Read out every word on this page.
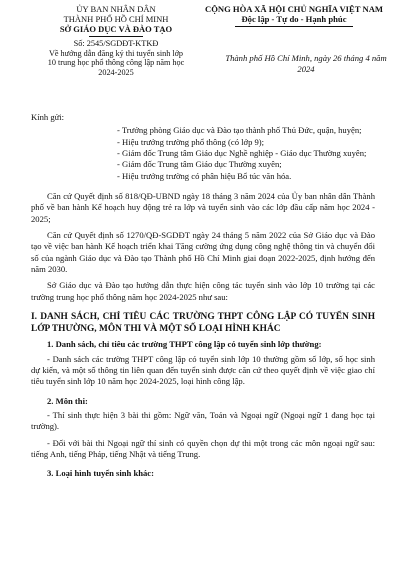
ỦY BAN NHÂN DÂN
THÀNH PHỐ HỒ CHÍ MINH
SỞ GIÁO DỤC VÀ ĐÀO TẠO
Số: 2545/SGDĐT-KTKĐ
Về hướng dẫn đăng ký thi tuyển sinh lớp 10 trung học phổ thông công lập năm học 2024-2025
CỘNG HÒA XÃ HỘI CHỦ NGHĨA VIỆT NAM
Độc lập - Tự do - Hạnh phúc
Thành phố Hồ Chí Minh, ngày 26 tháng 4 năm 2024

Kính gửi:

- Trưởng phòng Giáo dục và Đào tạo thành phố Thủ Đức, quận, huyện;
- Hiệu trưởng trường phổ thông (có lớp 9);
- Giám đốc Trung tâm Giáo dục Nghề nghiệp - Giáo dục Thường xuyên;
- Giám đốc Trung tâm Giáo dục Thường xuyên;
- Hiệu trưởng trường có phân hiệu Bổ túc văn hóa.

Căn cứ Quyết định số 818/QĐ-UBND ngày 18 tháng 3 năm 2024 của Ủy ban nhân dân Thành phố về ban hành Kế hoạch huy động trẻ ra lớp và tuyển sinh vào các lớp đầu cấp năm học 2024 - 2025;

Căn cứ Quyết định số 1270/QĐ-SGDĐT ngày 24 tháng 5 năm 2022 của Sở Giáo dục và Đào tạo về việc ban hành Kế hoạch triển khai Tăng cường ứng dụng công nghệ thông tin và chuyển đổi số của ngành Giáo dục và Đào tạo Thành phố Hồ Chí Minh giai đoạn 2022-2025, định hướng đến năm 2030.

Sở Giáo dục và Đào tạo hướng dẫn thực hiện công tác tuyển sinh vào lớp 10 trường tại các trường trung học phổ thông năm học 2024-2025 như sau:

I. DANH SÁCH, CHỈ TIÊU CÁC TRƯỜNG THPT CÔNG LẬP CÓ TUYỂN SINH LỚP THƯỜNG, MÔN THI VÀ MỘT SỐ LOẠI HÌNH KHÁC

1. Danh sách, chỉ tiêu các trường THPT công lập có tuyển sinh lớp thường:

- Danh sách các trường THPT công lập có tuyển sinh lớp 10 thường gồm số lớp, số học sinh dự kiến, và một số thông tin liên quan đến tuyển sinh được căn cứ theo quyết định về việc giao chỉ tiêu tuyển sinh lớp 10 năm học 2024-2025, loại hình công lập.

2. Môn thi:

- Thí sinh thực hiện 3 bài thi gồm: Ngữ văn, Toán và Ngoại ngữ (Ngoại ngữ 1 đang học tại trường).

- Đối với bài thi Ngoại ngữ thí sinh có quyền chọn dự thi một trong các môn ngoại ngữ sau: tiếng Anh, tiếng Pháp, tiếng Nhật và tiếng Trung.

3. Loại hình tuyển sinh khác:
